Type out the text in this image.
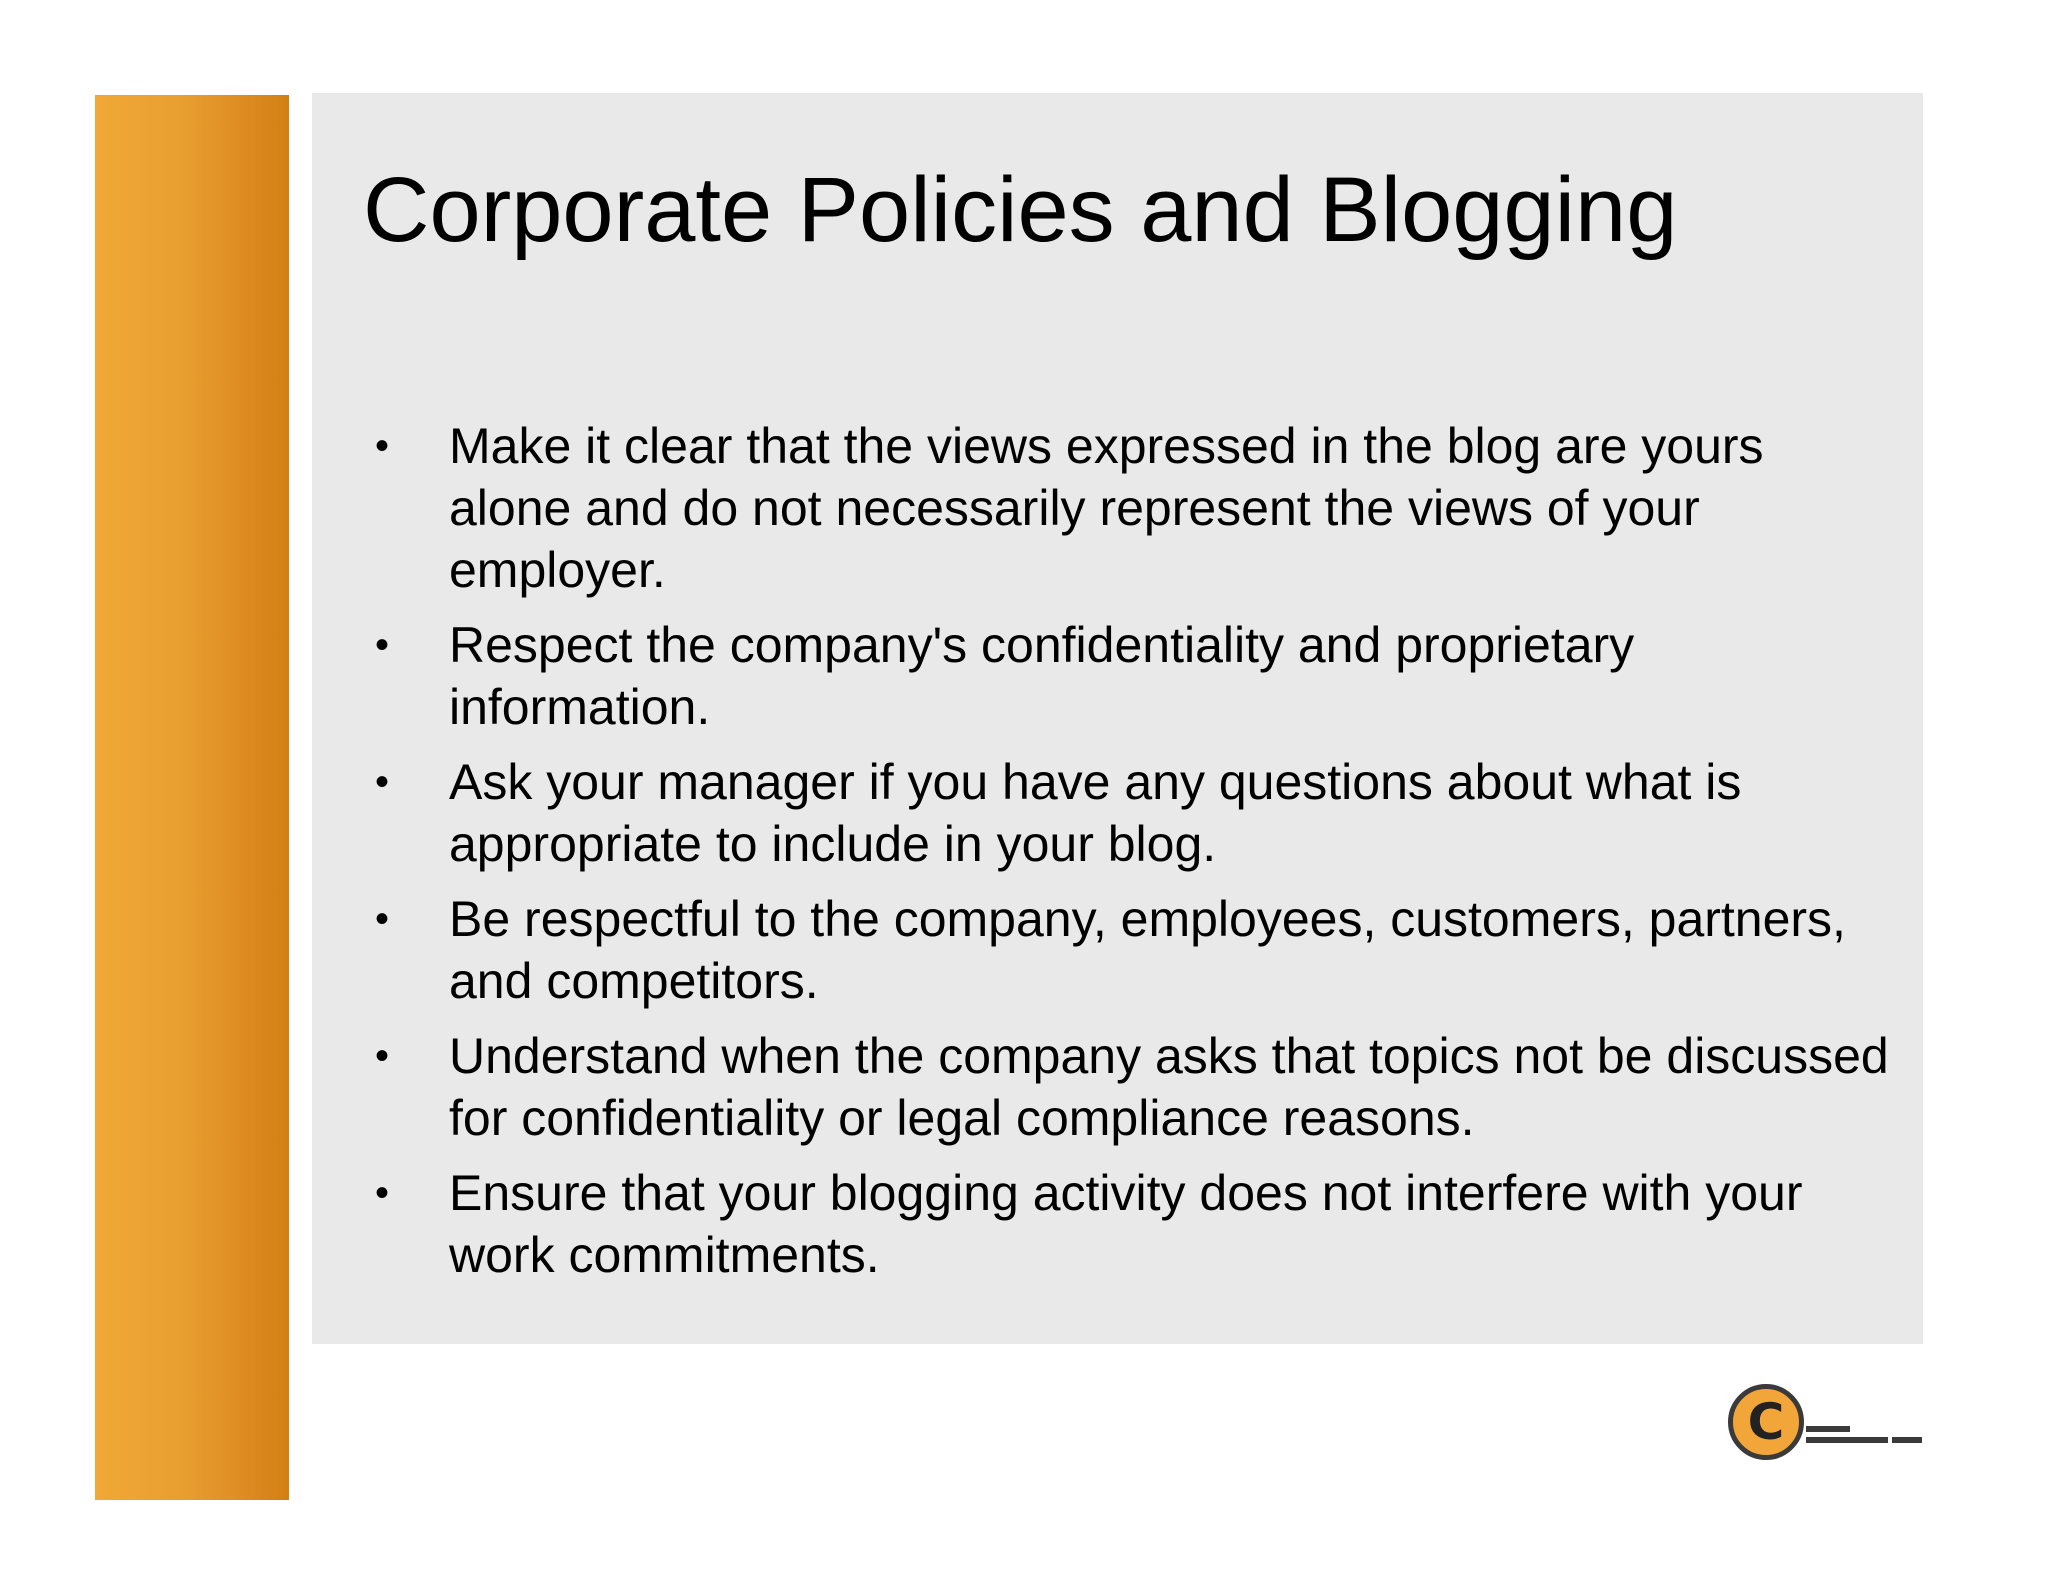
Corporate Policies and Blogging
• Make it clear that the views expressed in the blog are yours alone and do not necessarily represent the views of your employer.
• Respect the company's confidentiality and proprietary information.
• Ask your manager if you have any questions about what is appropriate to include in your blog.
• Be respectful to the company, employees, customers, partners, and competitors.
• Understand when the company asks that topics not be discussed for confidentiality or legal compliance reasons.
• Ensure that your blogging activity does not interfere with your work commitments.
C
